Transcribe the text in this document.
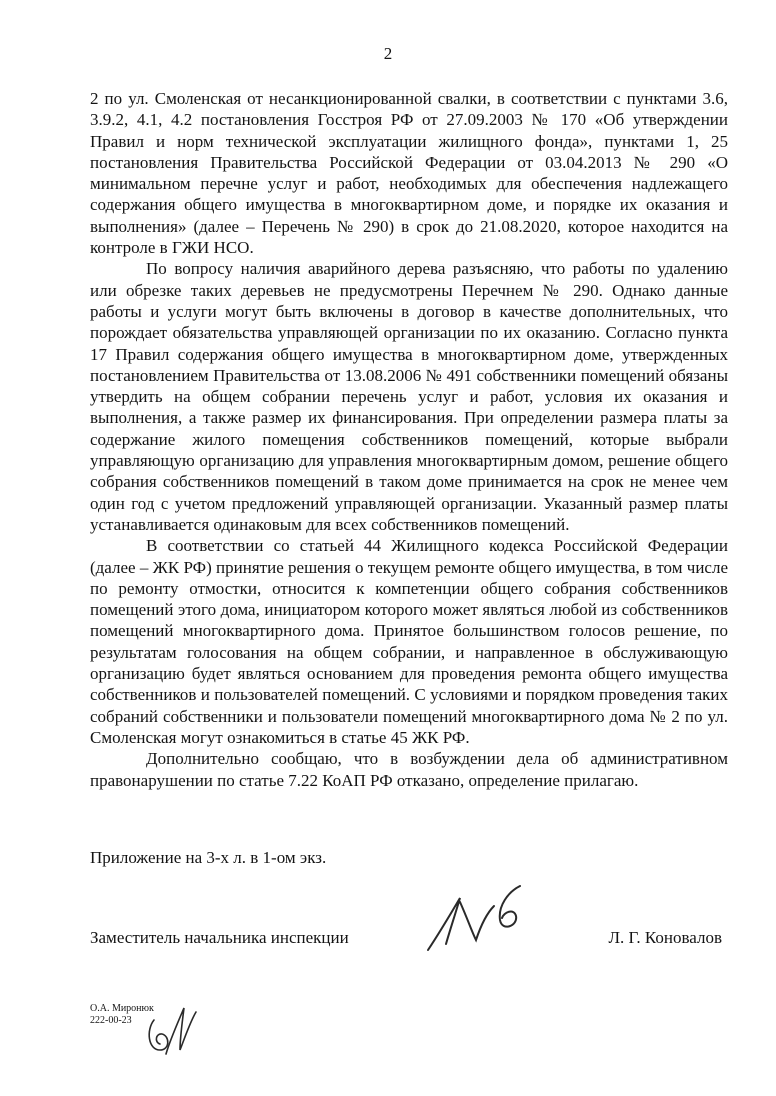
2

2 по ул. Смоленская от несанкционированной свалки, в соответствии с пунктами 3.6, 3.9.2, 4.1, 4.2 постановления Госстроя РФ от 27.09.2003 № 170 «Об утверждении Правил и норм технической эксплуатации жилищного фонда», пунктами 1, 25 постановления Правительства Российской Федерации от 03.04.2013 № 290 «О минимальном перечне услуг и работ, необходимых для обеспечения надлежащего содержания общего имущества в многоквартирном доме, и порядке их оказания и выполнения» (далее – Перечень № 290) в срок до 21.08.2020, которое находится на контроле в ГЖИ НСО.

По вопросу наличия аварийного дерева разъясняю, что работы по удалению или обрезке таких деревьев не предусмотрены Перечнем № 290. Однако данные работы и услуги могут быть включены в договор в качестве дополнительных, что порождает обязательства управляющей организации по их оказанию. Согласно пункта 17 Правил содержания общего имущества в многоквартирном доме, утвержденных постановлением Правительства от 13.08.2006 № 491 собственники помещений обязаны утвердить на общем собрании перечень услуг и работ, условия их оказания и выполнения, а также размер их финансирования. При определении размера платы за содержание жилого помещения собственников помещений, которые выбрали управляющую организацию для управления многоквартирным домом, решение общего собрания собственников помещений в таком доме принимается на срок не менее чем один год с учетом предложений управляющей организации. Указанный размер платы устанавливается одинаковым для всех собственников помещений.

В соответствии со статьей 44 Жилищного кодекса Российской Федерации (далее – ЖК РФ) принятие решения о текущем ремонте общего имущества, в том числе по ремонту отмостки, относится к компетенции общего собрания собственников помещений этого дома, инициатором которого может являться любой из собственников помещений многоквартирного дома. Принятое большинством голосов решение, по результатам голосования на общем собрании, и направленное в обслуживающую организацию будет являться основанием для проведения ремонта общего имущества собственников и пользователей помещений. С условиями и порядком проведения таких собраний собственники и пользователи помещений многоквартирного дома № 2 по ул. Смоленская могут ознакомиться в статье 45 ЖК РФ.

Дополнительно сообщаю, что в возбуждении дела об административном правонарушении по статье 7.22 КоАП РФ отказано, определение прилагаю.

Приложение на 3-х л. в 1-ом экз.
Заместитель начальника инспекции	Л. Г. Коновалов
О.А. Миронюк
222-00-23
